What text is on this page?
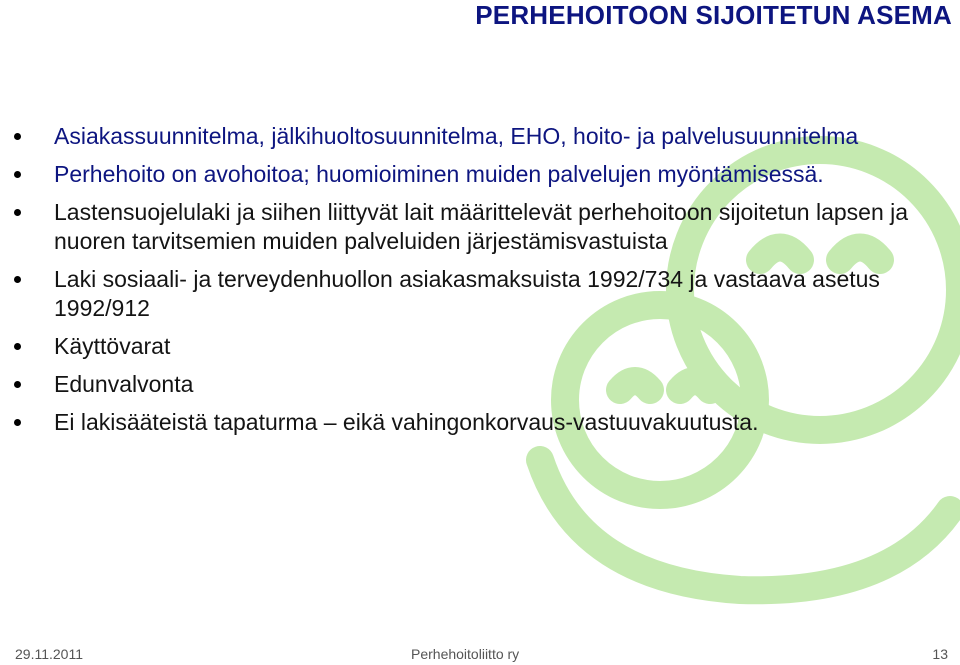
PERHEHOITOON SIJOITETUN ASEMA
Asiakassuunnitelma, jälkihuoltosuunnitelma, EHO, hoito- ja palvelusuunnitelma
Perhehoito on avohoitoa; huomioiminen muiden palvelujen myöntämisessä.
Lastensuojelulaki ja siihen liittyvät lait määrittelevät perhehoitoon sijoitetun lapsen ja nuoren tarvitsemien muiden palveluiden järjestämisvastuista
Laki sosiaali- ja terveydenhuollon asiakasmaksuista 1992/734 ja vastaava asetus 1992/912
Käyttövarat
Edunvalvonta
Ei lakisääteistä tapaturma – eikä vahingonkorvaus-vastuuvakuutusta.
29.11.2011	Perhehoitoliitto ry	13
